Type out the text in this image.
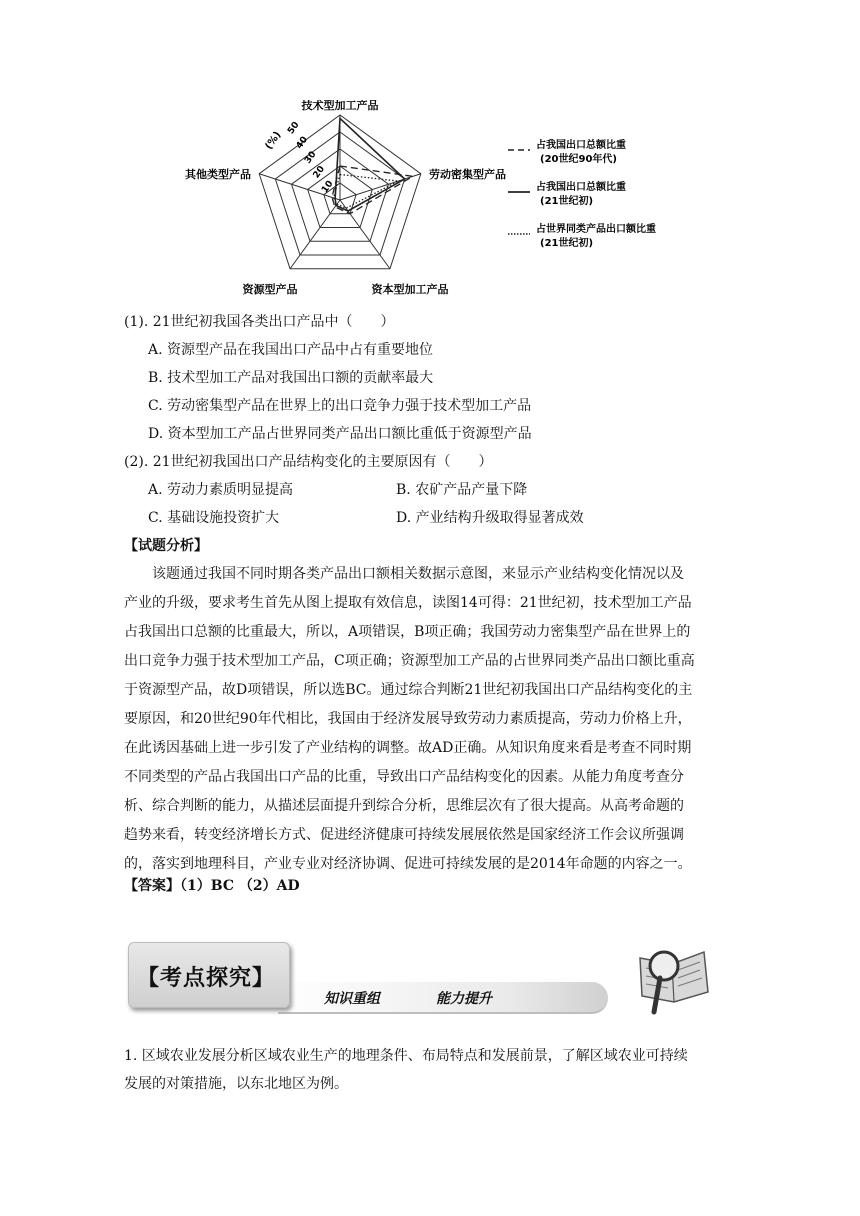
10
20
30
40
50
(%)
技术型加工产品
劳动密集型产品
资本型加工产品
资源型产品
其他类型产品
占我国出口总额比重
(20世纪90年代)
占我国出口总额比重
(21世纪初)
占世界同类产品出口额比重
(21世纪初)
(1). 21世纪初我国各类出口产品中（　　）
A. 资源型产品在我国出口产品中占有重要地位
B. 技术型加工产品对我国出口额的贡献率最大
C. 劳动密集型产品在世界上的出口竞争力强于技术型加工产品
D. 资本型加工产品占世界同类产品出口额比重低于资源型产品
(2). 21世纪初我国出口产品结构变化的主要原因有（　　）
A. 劳动力素质明显提高	B. 农矿产品产量下降
C. 基础设施投资扩大	D. 产业结构升级取得显著成效
【试题分析】
该题通过我国不同时期各类产品出口额相关数据示意图，来显示产业结构变化情况以及
产业的升级，要求考生首先从图上提取有效信息，读图14可得：21世纪初，技术型加工产品
占我国出口总额的比重最大，所以，A项错误，B项正确；我国劳动力密集型产品在世界上的
出口竞争力强于技术型加工产品，C项正确；资源型加工产品的占世界同类产品出口额比重高
于资源型产品，故D项错误，所以选BC。通过综合判断21世纪初我国出口产品结构变化的主
要原因，和20世纪90年代相比，我国由于经济发展导致劳动力素质提高，劳动力价格上升，
在此诱因基础上进一步引发了产业结构的调整。故AD正确。从知识角度来看是考查不同时期
不同类型的产品占我国出口产品的比重，导致出口产品结构变化的因素。从能力角度考查分
析、综合判断的能力，从描述层面提升到综合分析，思维层次有了很大提高。从高考命题的
趋势来看，转变经济增长方式、促进经济健康可持续发展展依然是国家经济工作会议所强调
的，落实到地理科目，产业专业对经济协调、促进可持续发展的是2014年命题的内容之一。
【答案】（1）BC （2）AD
【考点探究】
知识重组	能力提升
1. 区域农业发展分析区域农业生产的地理条件、布局特点和发展前景，了解区域农业可持续
发展的对策措施，以东北地区为例。
